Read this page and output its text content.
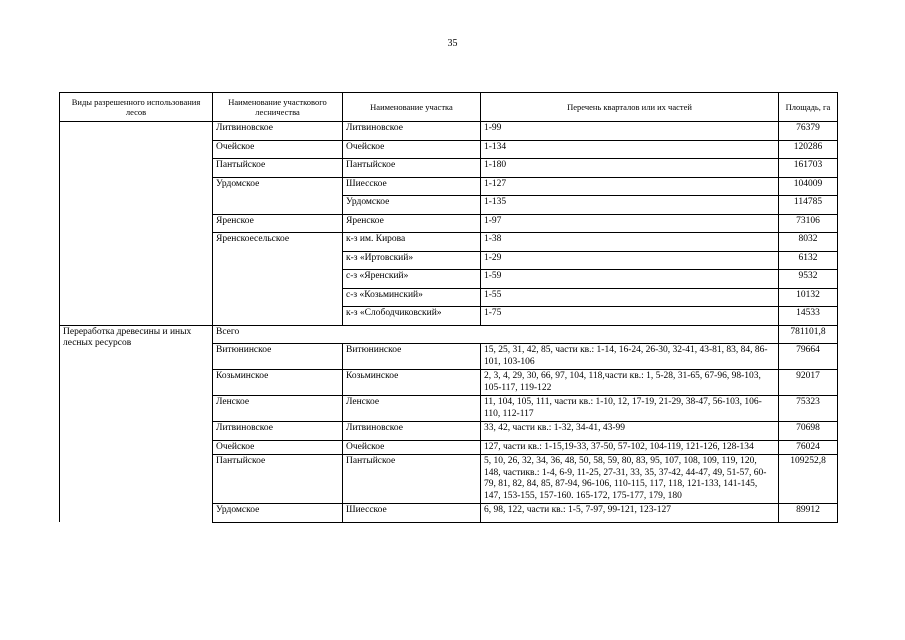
35
Виды разрешенного использования лесов	Наименование участкового лесничества	Наименование участка	Перечень кварталов или их частей	Площадь, га
	Литвиновское	Литвиновское	1-99	76379
	Очейское	Очейское	1-134	120286
	Пантыйское	Пантыйское	1-180	161703
	Урдомское	Шиесское	1-127	104009
		Урдомское	1-135	114785
	Яренское	Яренское	1-97	73106
	Яренскоесельское	к-з им. Кирова	1-38	8032
		к-з «Иртовский»	1-29	6132
		с-з «Яренский»	1-59	9532
		с-з «Козьминский»	1-55	10132
		к-з «Слободчиковский»	1-75	14533
Переработка древесины и иных лесных ресурсов	Всего			781101,8
	Витюнинское	Витюнинское	15, 25, 31, 42, 85, части кв.: 1-14, 16-24, 26-30, 32-41, 43-81, 83, 84, 86-101, 103-106	79664
	Козьминское	Козьминское	2, 3, 4, 29, 30, 66, 97, 104, 118,части кв.: 1, 5-28, 31-65, 67-96, 98-103, 105-117, 119-122	92017
	Ленское	Ленское	11, 104, 105, 111, части кв.: 1-10, 12, 17-19, 21-29, 38-47, 56-103, 106-110, 112-117	75323
	Литвиновское	Литвиновское	33, 42, части кв.: 1-32, 34-41, 43-99	70698
	Очейское	Очейское	127, части кв.: 1-15,19-33, 37-50, 57-102, 104-119, 121-126, 128-134	76024
	Пантыйское	Пантыйское	5, 10, 26, 32, 34, 36, 48, 50, 58, 59, 80, 83, 95, 107, 108, 109, 119, 120, 148, частикв.: 1-4, 6-9, 11-25, 27-31, 33, 35, 37-42, 44-47, 49, 51-57, 60-79, 81, 82, 84, 85, 87-94, 96-106, 110-115, 117, 118, 121-133, 141-145, 147, 153-155, 157-160. 165-172, 175-177, 179, 180	109252,8
	Урдомское	Шиесское	6, 98, 122, части кв.: 1-5, 7-97, 99-121, 123-127	89912
